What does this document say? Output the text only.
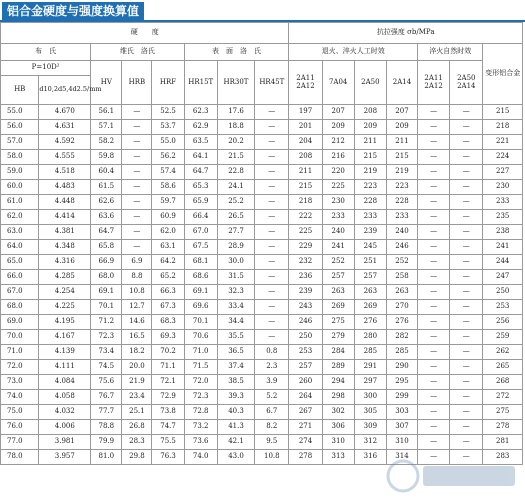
铝合金硬度与强度换算值
硬　　度								抗拉强度 σb/MPa						
布　氏		维氏　洛氏			表　面　洛　氏			退火、淬火人工时效				淬火自然时效		变形铝合金
P=10D²		HV	HRB	HRF	HR15T	HR30T	HR45T	2A11 2A12	7A04	2A50	2A14	2A11 2A12	2A50 2A14	
HB	d10,2d5,4d2.5/mm													
55.0	4.670	56.1	—	52.5	62.3	17.6	—	197	207	208	207	—	—	215
56.0	4.631	57.1	—	53.7	62.9	18.8	—	201	209	209	209	—	—	218
57.0	4.592	58.2	—	55.0	63.5	20.2	—	204	212	211	211	—	—	221
58.0	4.555	59.8	—	56.2	64.1	21.5	—	208	216	215	215	—	—	224
59.0	4.518	60.4	—	57.4	64.7	22.8	—	211	220	219	219	—	—	227
60.0	4.483	61.5	—	58.6	65.3	24.1	—	215	225	223	223	—	—	230
61.0	4.448	62.6	—	59.7	65.9	25.2	—	218	230	228	228	—	—	233
62.0	4.414	63.6	—	60.9	66.4	26.5	—	222	233	233	233	—	—	235
63.0	4.381	64.7	—	62.0	67.0	27.7	—	225	240	239	240	—	—	238
64.0	4.348	65.8	—	63.1	67.5	28.9	—	229	241	245	246	—	—	241
65.0	4.316	66.9	6.9	64.2	68.1	30.0	—	232	252	251	252	—	—	244
66.0	4.285	68.0	8.8	65.2	68.6	31.5	—	236	257	257	258	—	—	247
67.0	4.254	69.1	10.8	66.3	69.1	32.3	—	239	263	263	263	—	—	250
68.0	4.225	70.1	12.7	67.3	69.6	33.4	—	243	269	269	270	—	—	253
69.0	4.195	71.2	14.6	68.3	70.1	34.4	—	246	275	276	276	—	—	256
70.0	4.167	72.3	16.5	69.3	70.6	35.5	—	250	279	280	282	—	—	259
71.0	4.139	73.4	18.2	70.2	71.0	36.5	0.8	253	284	285	285	—	—	262
72.0	4.111	74.5	20.0	71.1	71.5	37.4	2.3	257	289	291	290	—	—	265
73.0	4.084	75.6	21.9	72.1	72.0	38.5	3.9	260	294	297	295	—	—	268
74.0	4.058	76.7	23.4	72.9	72.3	39.3	5.2	264	298	300	299	—	—	272
75.0	4.032	77.7	25.1	73.8	72.8	40.3	6.7	267	302	305	303	—	—	275
76.0	4.006	78.8	26.8	74.7	73.2	41.3	8.2	271	306	309	307	—	—	278
77.0	3.981	79.9	28.3	75.5	73.6	42.1	9.5	274	310	312	310	—	—	281
78.0	3.957	81.0	29.8	76.3	74.0	43.0	10.8	278	313	316	314	—	—	283
